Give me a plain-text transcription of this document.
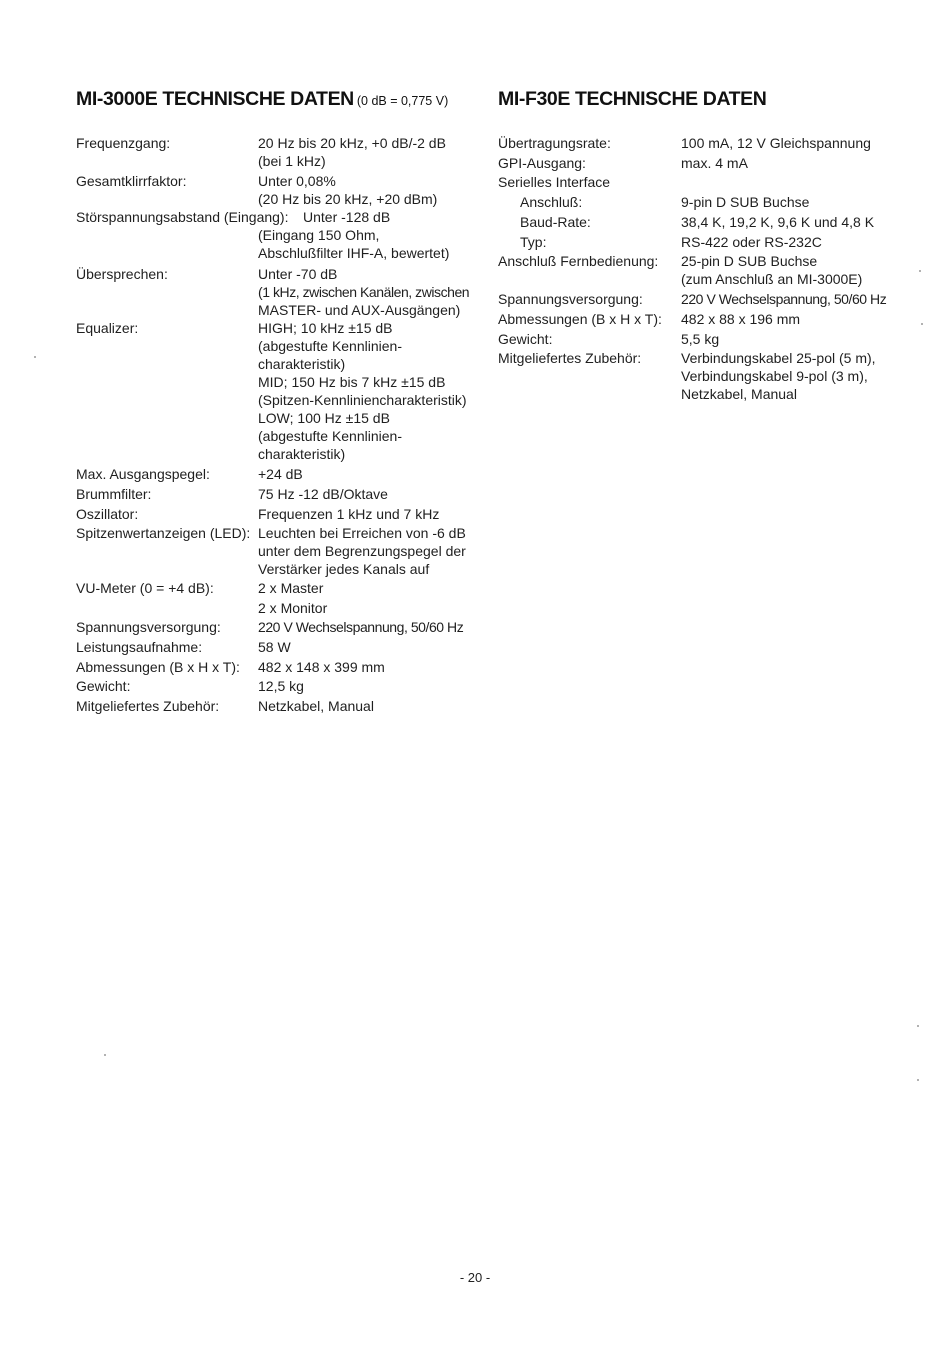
MI-3000E TECHNISCHE DATEN (0 dB = 0,775 V)
Frequenzgang:	20 Hz bis 20 kHz, +0 dB/-2 dB
(bei 1 kHz)
Gesamtklirrfaktor:	Unter 0,08%
(20 Hz bis 20 kHz, +20 dBm)
Störspannungsabstand (Eingang): Unter -128 dB
(Eingang 150 Ohm,
Abschlußfilter IHF-A, bewertet)
Übersprechen:	Unter -70 dB
(1 kHz, zwischen Kanälen, zwischen
MASTER- und AUX-Ausgängen)
Equalizer:	HIGH; 10 kHz ±15 dB
(abgestufte Kennlinien-
charakteristik)
MID; 150 Hz bis 7 kHz ±15 dB
(Spitzen-Kennliniencharakteristik)
LOW; 100 Hz ±15 dB
(abgestufte Kennlinien-
charakteristik)
Max. Ausgangspegel:	+24 dB
Brummfilter:	75 Hz -12 dB/Oktave
Oszillator:	Frequenzen 1 kHz und 7 kHz
Spitzenwertanzeigen (LED): Leuchten bei Erreichen von -6 dB
unter dem Begrenzungspegel der
Verstärker jedes Kanals auf
VU-Meter (0 = +4 dB):	2 x Master
2 x Monitor
Spannungsversorgung:	220 V Wechselspannung, 50/60 Hz
Leistungsaufnahme:	58 W
Abmessungen (B x H x T): 482 x 148 x 399 mm
Gewicht:	12,5 kg
Mitgeliefertes Zubehör:	Netzkabel, Manual
MI-F30E TECHNISCHE DATEN
Übertragungsrate:	100 mA, 12 V Gleichspannung
GPI-Ausgang:	max. 4 mA
Serielles Interface
Anschluß:	9-pin D SUB Buchse
Baud-Rate:	38,4 K, 19,2 K, 9,6 K und 4,8 K
Typ:	RS-422 oder RS-232C
Anschluß Fernbedienung: 25-pin D SUB Buchse
(zum Anschluß an MI-3000E)
Spannungsversorgung:	220 V Wechselspannung, 50/60 Hz
Abmessungen (B x H x T): 482 x 88 x 196 mm
Gewicht:	5,5 kg
Mitgeliefertes Zubehör:	Verbindungskabel 25-pol (5 m),
Verbindungskabel 9-pol (3 m),
Netzkabel, Manual
- 20 -
